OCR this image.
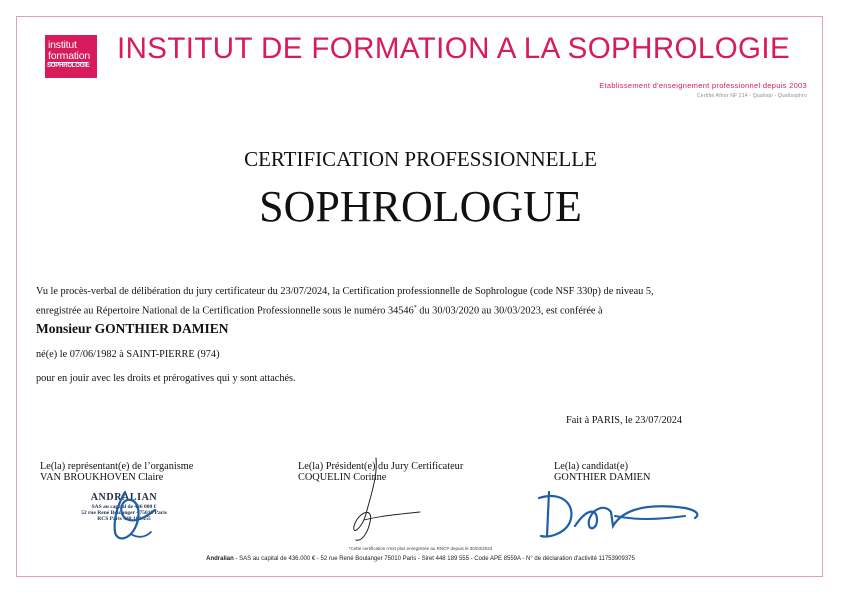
institut
formation
SOPHROLOGIE
INSTITUT DE FORMATION A LA SOPHROLOGIE
Etablissement d'enseignement professionnel depuis 2003
Certifié Afnor NF 214 - Qualiopi - Qualisophro
CERTIFICATION PROFESSIONNELLE
SOPHROLOGUE
Vu le procès-verbal de délibération du jury certificateur du 23/07/2024, la Certification professionnelle de Sophrologue (code NSF 330p) de niveau 5,
enregistrée au Répertoire National de la Certification Professionnelle sous le numéro 34546* du 30/03/2020 au 30/03/2023, est conférée à
Monsieur GONTHIER DAMIEN
né(e) le 07/06/1982 à SAINT-PIERRE (974)
pour en jouir avec les droits et prérogatives qui y sont attachés.
Fait à PARIS, le 23/07/2024
Le(la) représentant(e) de l’organisme
VAN BROUKHOVEN Claire
Le(la) Président(e) du Jury Certificateur
COQUELIN Corinne
Le(la) candidat(e)
GONTHIER DAMIEN
ANDRALIAN
SAS au capital de 436 000 €
52 rue René Boulanger - 75010 Paris
RCS Paris 448 189 555
*Cette certification n'est plus enregistrée au RNCP depuis le 30/03/2023
Andralian - SAS au capital de 436.000 € - 52 rue René Boulanger 75010 Paris - Siret 448 189 555 - Code APE 8559A - N° de déclaration d'activité 11753909375
